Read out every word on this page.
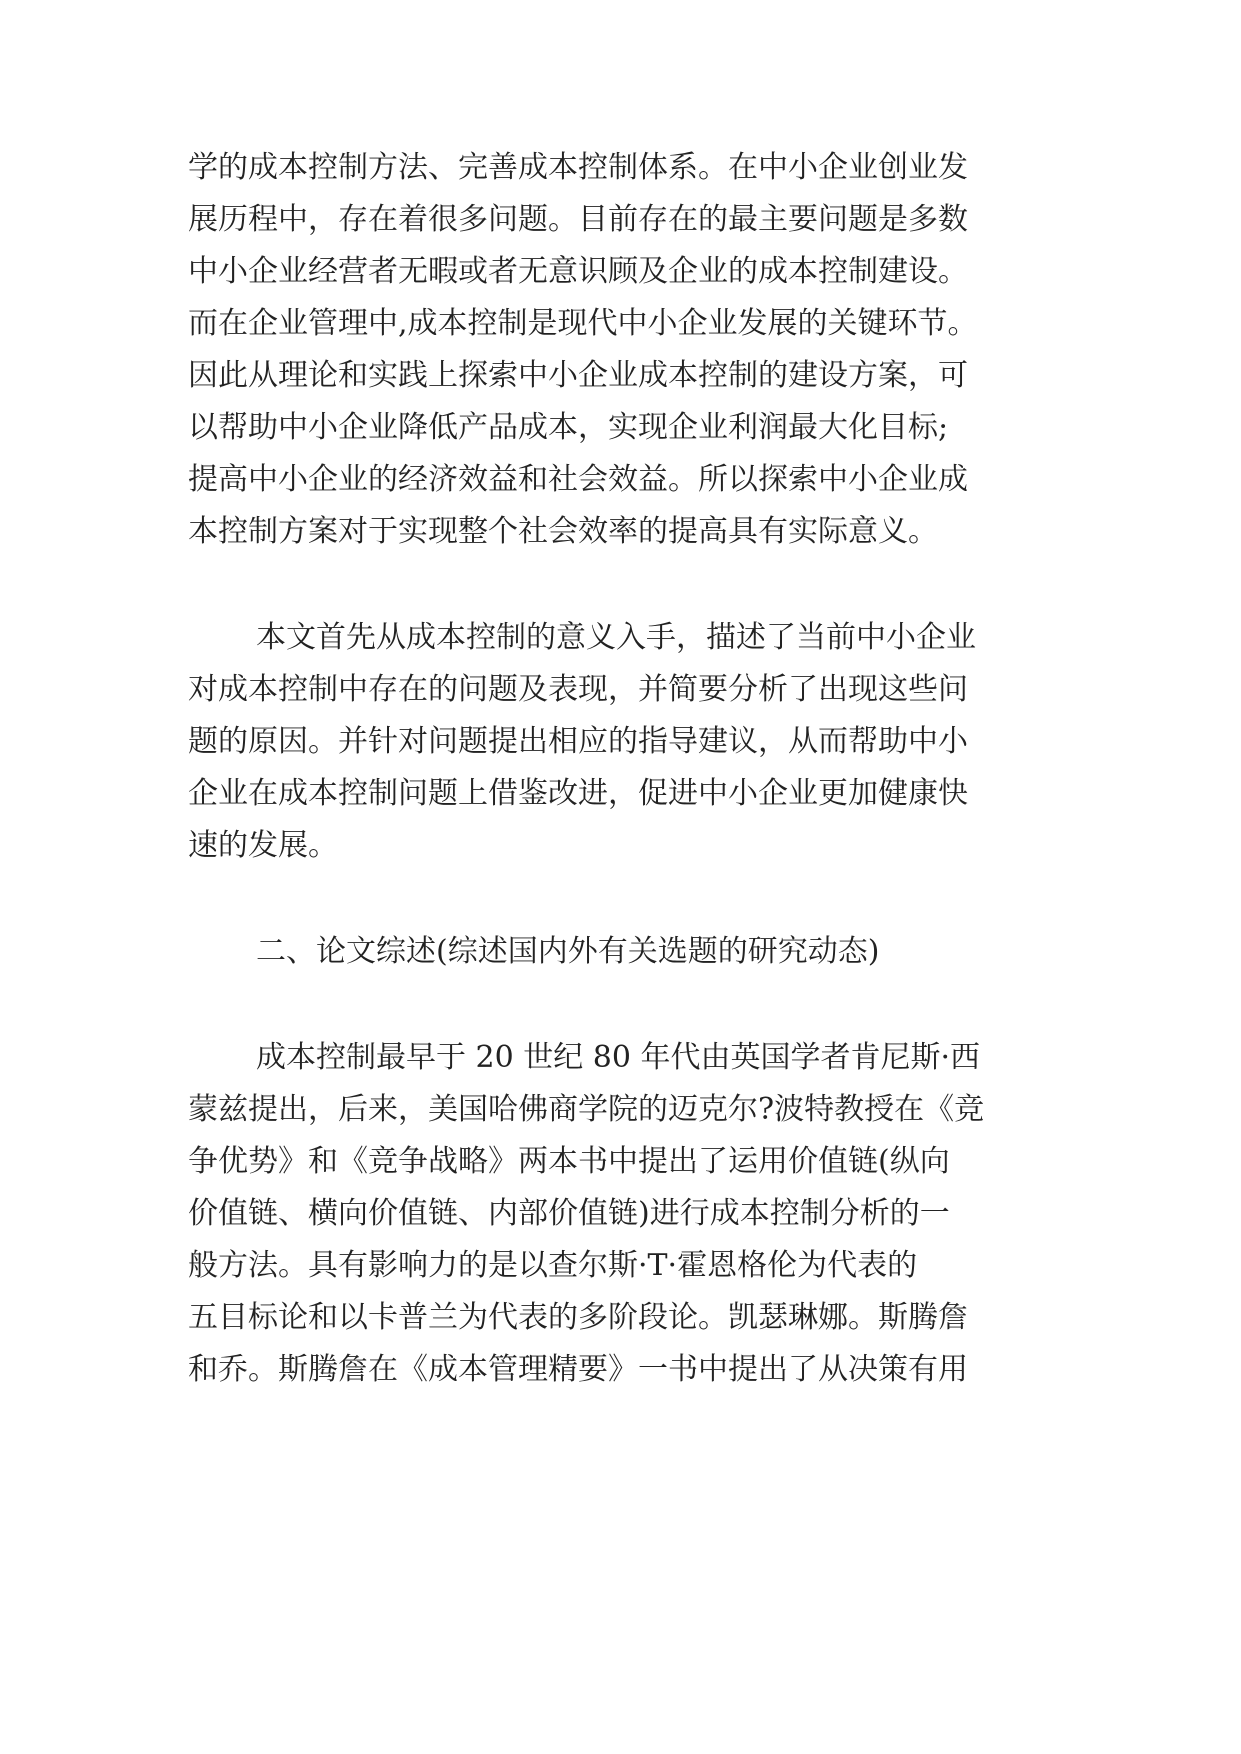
学的成本控制方法、完善成本控制体系。在中小企业创业发

展历程中，存在着很多问题。目前存在的最主要问题是多数

中小企业经营者无暇或者无意识顾及企业的成本控制建设。

而在企业管理中,成本控制是现代中小企业发展的关键环节。

因此从理论和实践上探索中小企业成本控制的建设方案，可

以帮助中小企业降低产品成本，实现企业利润最大化目标;

提高中小企业的经济效益和社会效益。所以探索中小企业成

本控制方案对于实现整个社会效率的提高具有实际意义。

本文首先从成本控制的意义入手，描述了当前中小企业

对成本控制中存在的问题及表现，并简要分析了出现这些问

题的原因。并针对问题提出相应的指导建议，从而帮助中小

企业在成本控制问题上借鉴改进，促进中小企业更加健康快

速的发展。

二、论文综述(综述国内外有关选题的研究动态)

成本控制最早于 20 世纪 80 年代由英国学者肯尼斯·西

蒙兹提出，后来，美国哈佛商学院的迈克尔?波特教授在《竞

争优势》和《竞争战略》两本书中提出了运用价值链(纵向

价值链、横向价值链、内部价值链)进行成本控制分析的一

般方法。具有影响力的是以查尔斯·T·霍恩格伦为代表的

五目标论和以卡普兰为代表的多阶段论。凯瑟琳娜。斯腾詹

和乔。斯腾詹在《成本管理精要》一书中提出了从决策有用
